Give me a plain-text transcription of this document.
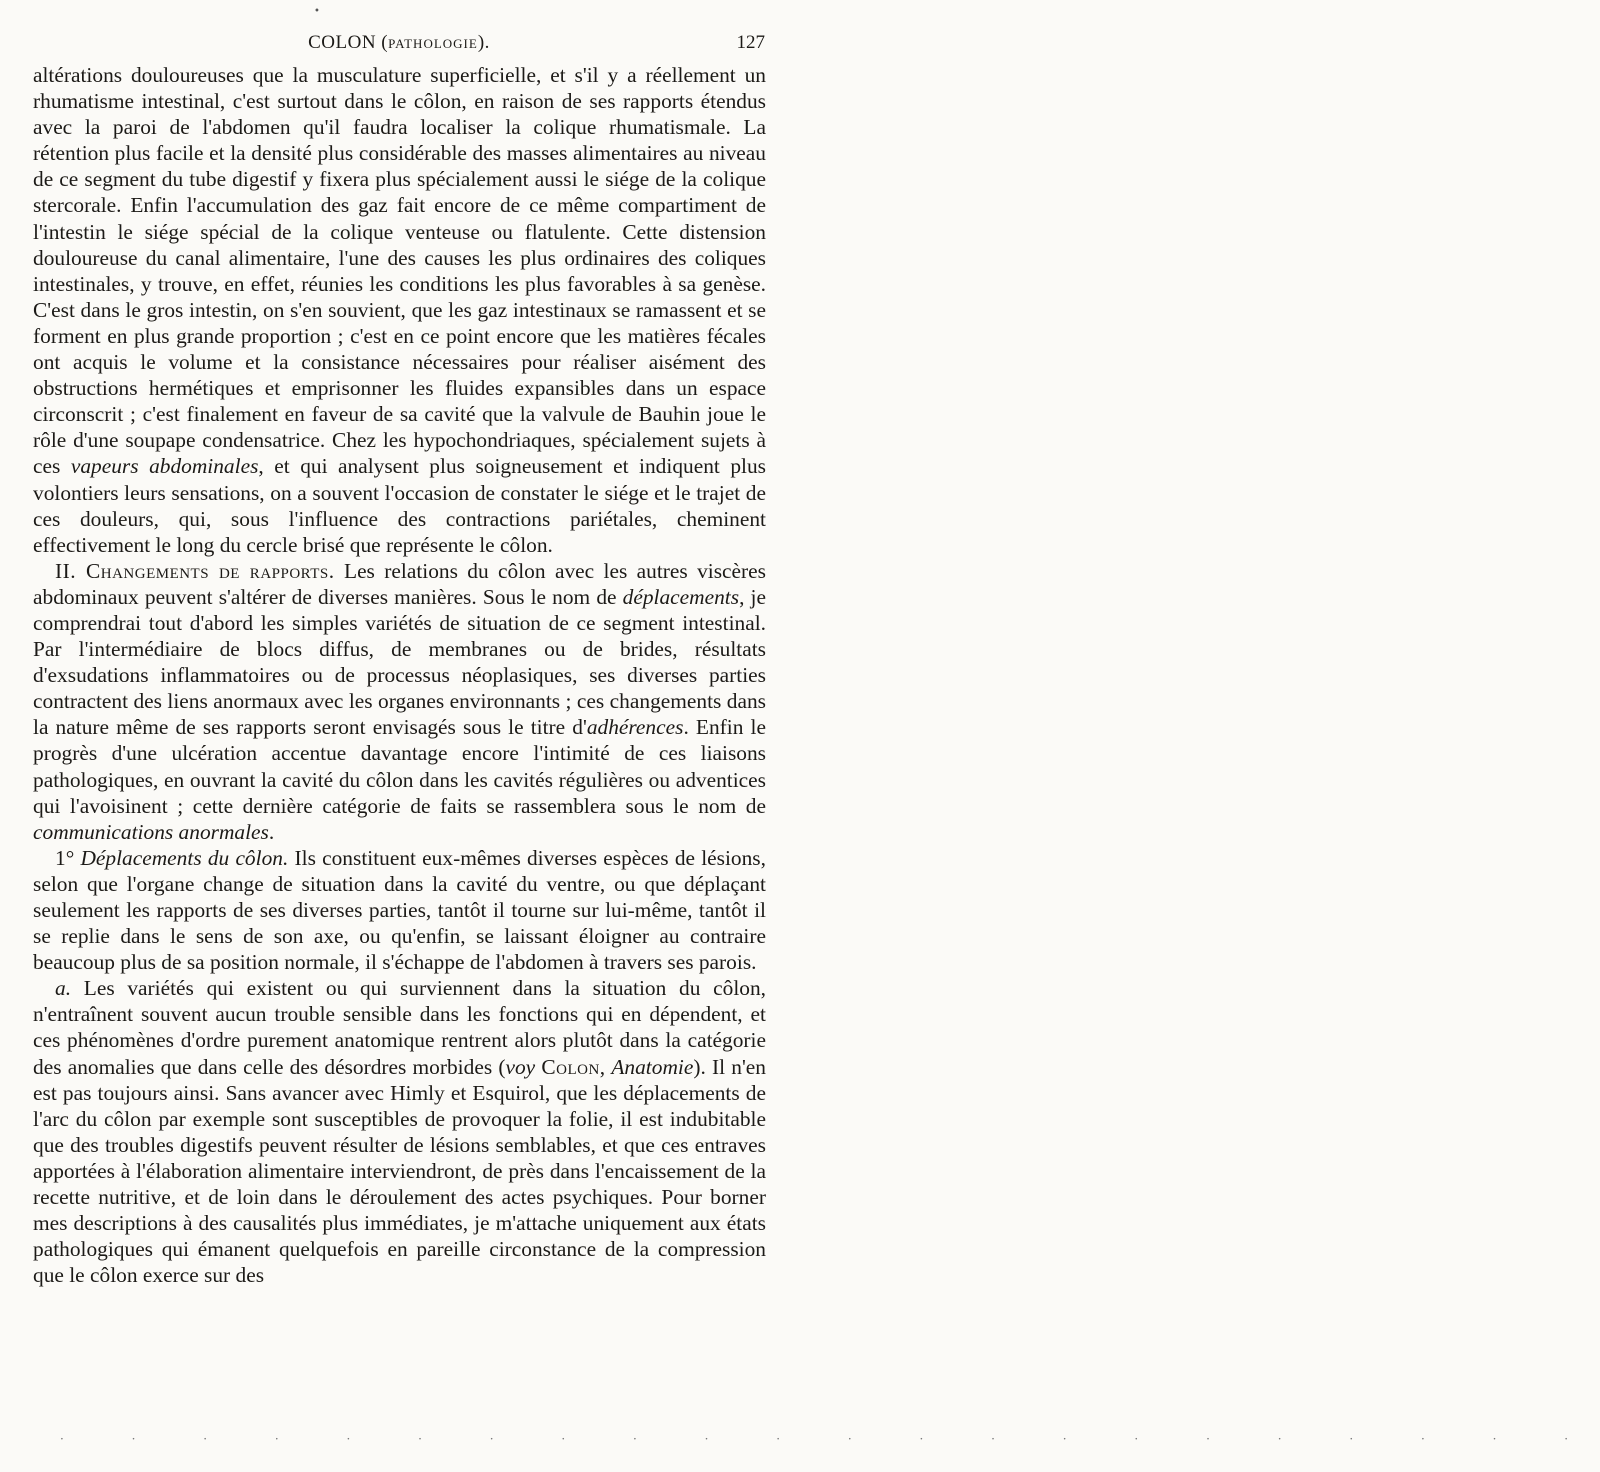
•
COLON (PATHOLOGIE).	127

altérations douloureuses que la musculature superficielle, et s'il y a réellement un rhumatisme intestinal, c'est surtout dans le côlon, en raison de ses rapports étendus avec la paroi de l'abdomen qu'il faudra localiser la colique rhumatismale. La rétention plus facile et la densité plus considérable des masses alimentaires au niveau de ce segment du tube digestif y fixera plus spécialement aussi le siége de la colique stercorale. Enfin l'accumulation des gaz fait encore de ce même compartiment de l'intestin le siége spécial de la colique venteuse ou flatulente. Cette distension douloureuse du canal alimentaire, l'une des causes les plus ordinaires des coliques intestinales, y trouve, en effet, réunies les conditions les plus favorables à sa genèse. C'est dans le gros intestin, on s'en souvient, que les gaz intestinaux se ramassent et se forment en plus grande proportion ; c'est en ce point encore que les matières fécales ont acquis le volume et la consistance nécessaires pour réaliser aisément des obstructions hermétiques et emprisonner les fluides expansibles dans un espace circonscrit ; c'est finalement en faveur de sa cavité que la valvule de Bauhin joue le rôle d'une soupape condensatrice. Chez les hypochondriaques, spécialement sujets à ces vapeurs abdominales, et qui analysent plus soigneusement et indiquent plus volontiers leurs sensations, on a souvent l'occasion de constater le siége et le trajet de ces douleurs, qui, sous l'influence des contractions pariétales, cheminent effectivement le long du cercle brisé que représente le côlon.

II. Changements de rapports. Les relations du côlon avec les autres viscères abdominaux peuvent s'altérer de diverses manières. Sous le nom de déplacements, je comprendrai tout d'abord les simples variétés de situation de ce segment intestinal. Par l'intermédiaire de blocs diffus, de membranes ou de brides, résultats d'exsudations inflammatoires ou de processus néoplasiques, ses diverses parties contractent des liens anormaux avec les organes environnants ; ces changements dans la nature même de ses rapports seront envisagés sous le titre d'adhérences. Enfin le progrès d'une ulcération accentue davantage encore l'intimité de ces liaisons pathologiques, en ouvrant la cavité du côlon dans les cavités régulières ou adventices qui l'avoisinent ; cette dernière catégorie de faits se rassemblera sous le nom de communications anormales.

1° Déplacements du côlon. Ils constituent eux-mêmes diverses espèces de lésions, selon que l'organe change de situation dans la cavité du ventre, ou que déplaçant seulement les rapports de ses diverses parties, tantôt il tourne sur lui-même, tantôt il se replie dans le sens de son axe, ou qu'enfin, se laissant éloigner au contraire beaucoup plus de sa position normale, il s'échappe de l'abdomen à travers ses parois.

a. Les variétés qui existent ou qui surviennent dans la situation du côlon, n'entraînent souvent aucun trouble sensible dans les fonctions qui en dépendent, et ces phénomènes d'ordre purement anatomique rentrent alors plutôt dans la catégorie des anomalies que dans celle des désordres morbides (voy Colon, Anatomie). Il n'en est pas toujours ainsi. Sans avancer avec Himly et Esquirol, que les déplacements de l'arc du côlon par exemple sont susceptibles de provoquer la folie, il est indubitable que des troubles digestifs peuvent résulter de lésions semblables, et que ces entraves apportées à l'élaboration alimentaire interviendront, de près dans l'encaissement de la recette nutritive, et de loin dans le déroulement des actes psychiques. Pour borner mes descriptions à des causalités plus immédiates, je m'attache uniquement aux états pathologiques qui émanent quelquefois en pareille circonstance de la compression que le côlon exerce sur des

· · · · · · · · · · · · · · · · · · · · · ·
